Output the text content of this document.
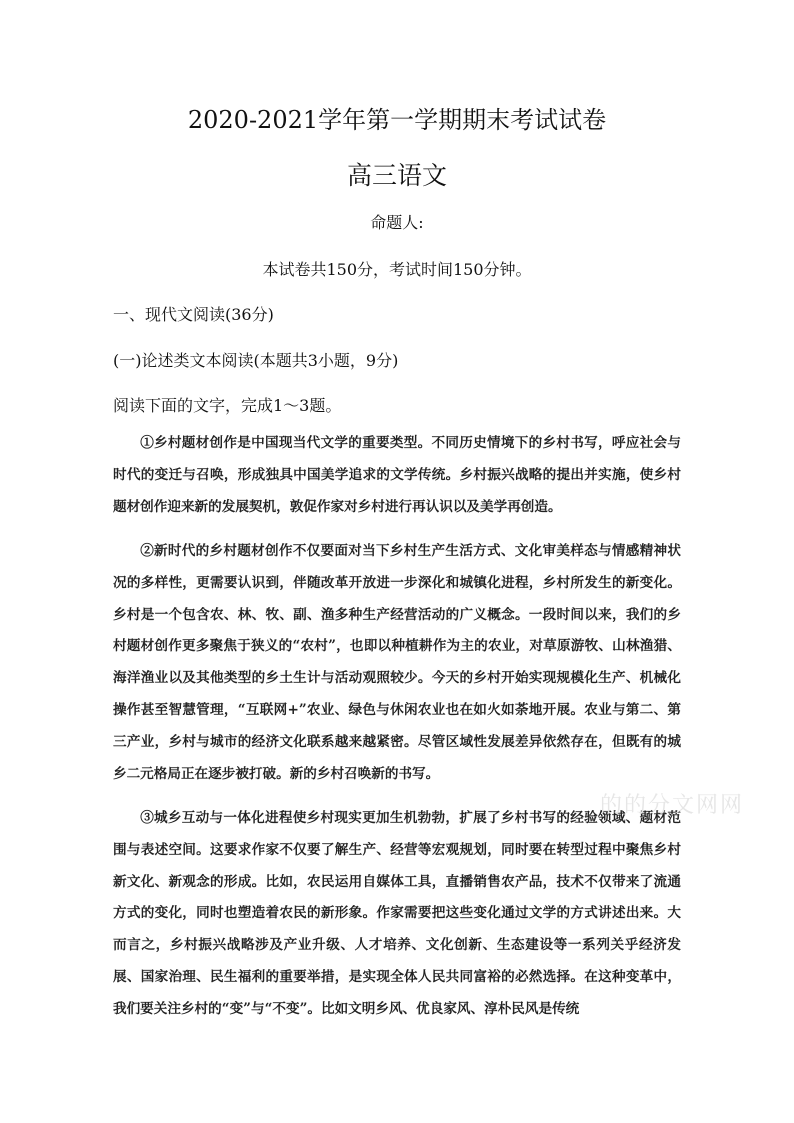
2020-2021学年第一学期期末考试试卷
高三语文
命题人:
本试卷共150分，考试时间150分钟。
一、现代文阅读(36分)
(一)论述类文本阅读(本题共3小题，9分)
阅读下面的文字，完成1～3题。
①乡村题材创作是中国现当代文学的重要类型。不同历史情境下的乡村书写，呼应社会与时代的变迁与召唤，形成独具中国美学追求的文学传统。乡村振兴战略的提出并实施，使乡村题材创作迎来新的发展契机，敦促作家对乡村进行再认识以及美学再创造。
②新时代的乡村题材创作不仅要面对当下乡村生产生活方式、文化审美样态与情感精神状况的多样性，更需要认识到，伴随改革开放进一步深化和城镇化进程，乡村所发生的新变化。乡村是一个包含农、林、牧、副、渔多种生产经营活动的广义概念。一段时间以来，我们的乡村题材创作更多聚焦于狭义的“农村”，也即以种植耕作为主的农业，对草原游牧、山林渔猎、海洋渔业以及其他类型的乡土生计与活动观照较少。今天的乡村开始实现规模化生产、机械化操作甚至智慧管理，“互联网+”农业、绿色与休闲农业也在如火如荼地开展。农业与第二、第三产业，乡村与城市的经济文化联系越来越紧密。尽管区域性发展差异依然存在，但既有的城乡二元格局正在逐步被打破。新的乡村召唤新的书写。
③城乡互动与一体化进程使乡村现实更加生机勃勃，扩展了乡村书写的经验领域、题材范围与表述空间。这要求作家不仅要了解生产、经营等宏观规划，同时要在转型过程中聚焦乡村新文化、新观念的形成。比如，农民运用自媒体工具，直播销售农产品，技术不仅带来了流通方式的变化，同时也塑造着农民的新形象。作家需要把这些变化通过文学的方式讲述出来。大而言之，乡村振兴战略涉及产业升级、人才培养、文化创新、生态建设等一系列关乎经济发展、国家治理、民生福利的重要举措，是实现全体人民共同富裕的必然选择。在这种变革中，我们要关注乡村的“变”与“不变”。比如文明乡风、优良家风、淳朴民风是传统
的的分文网网
